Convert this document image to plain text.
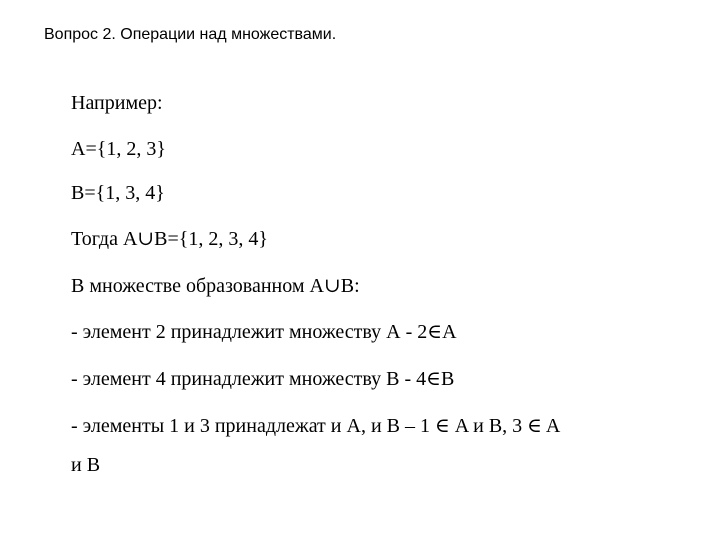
Вопрос 2. Операции над множествами.
Например:
A={1, 2, 3}
B={1, 3, 4}
Тогда A∪B={1, 2, 3, 4}
В множестве образованном A∪B:
- элемент 2 принадлежит множеству А - 2∈A
- элемент 4 принадлежит множеству В - 4∈B
- элементы 1 и 3 принадлежат и А, и В – 1 ∈ A и B, 3 ∈ A
и В
